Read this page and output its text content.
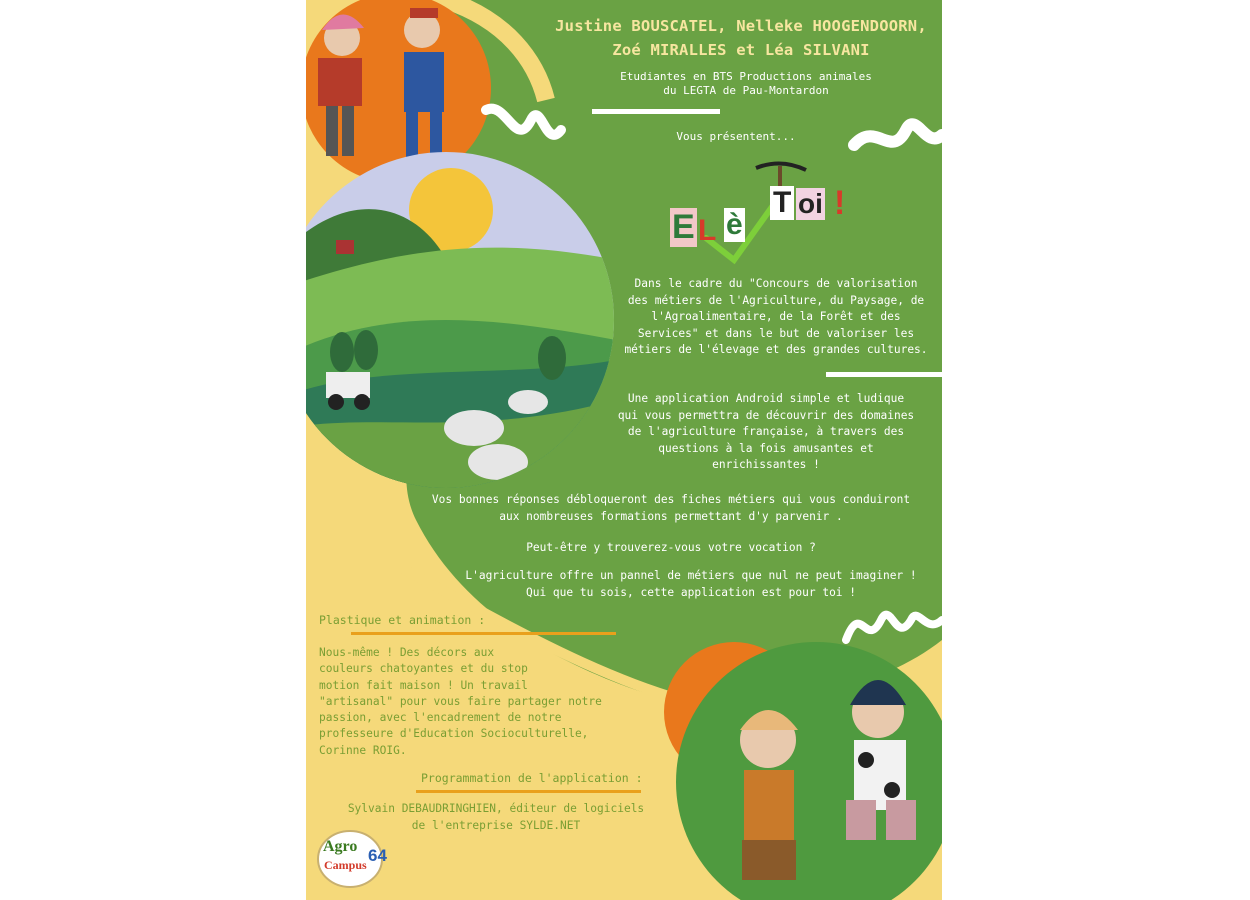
Justine BOUSCATEL, Nelleke HOOGENDOORN,
Zoé MIRALLES et Léa SILVANI
Etudiantes en BTS Productions animales
du LEGTA de Pau-Montardon
Vous présentent...
E L è
T oi !
Dans le cadre du "Concours de valorisation
des métiers de l'Agriculture, du Paysage, de
l'Agroalimentaire, de la Forêt et des
Services" et dans le but de valoriser les
métiers de l'élevage et des grandes cultures.
Une application Android simple et ludique
qui vous permettra de découvrir des domaines
de l'agriculture française, à travers des
questions à la fois amusantes et
enrichissantes !
Vos bonnes réponses débloqueront des fiches métiers qui vous conduiront
aux nombreuses formations permettant d'y parvenir .
Peut-être y trouverez-vous votre vocation ?
L'agriculture offre un pannel de métiers que nul ne peut imaginer !
Qui que tu sois, cette application est pour toi !
Plastique et animation :
Nous-même ! Des décors aux
couleurs chatoyantes et du stop
motion fait maison ! Un travail
"artisanal" pour vous faire partager notre
passion, avec l'encadrement de notre
professeure d'Education Socioculturelle,
Corinne ROIG.
Programmation de l'application :
Sylvain DEBAUDRINGHIEN, éditeur de logiciels
de l'entreprise SYLDE.NET
Agro
Campus 64
